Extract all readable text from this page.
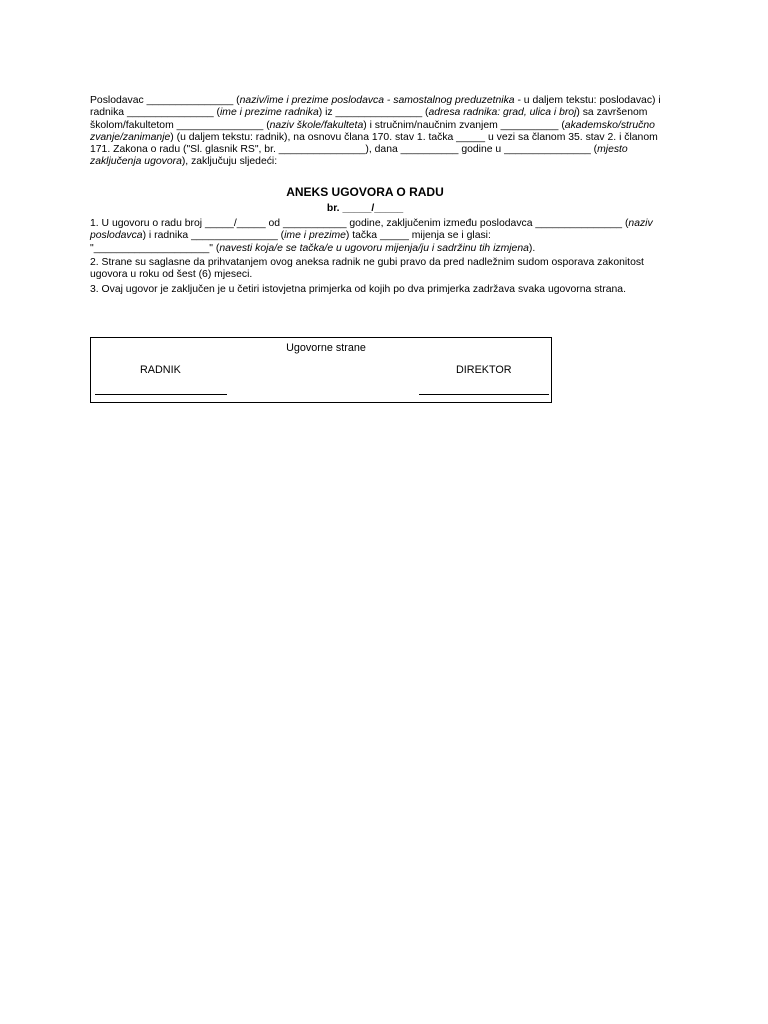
Poslodavac _______________ (naziv/ime i prezime poslodavca - samostalnog preduzetnika - u daljem tekstu: poslodavac) i radnika _______________ (ime i prezime radnika) iz _______________ (adresa radnika: grad, ulica i broj) sa završenom školom/fakultetom _______________ (naziv škole/fakulteta) i stručnim/naučnim zvanjem __________ (akademsko/stručno zvanje/zanimanje) (u daljem tekstu: radnik), na osnovu člana 170. stav 1. tačka _____ u vezi sa članom 35. stav 2. i članom 171. Zakona o radu ("Sl. glasnik RS", br. _______________), dana __________ godine u _______________ (mjesto zaključenja ugovora), zaključuju sljedeći:

ANEKS UGOVORA O RADU
br. _____/_____

1. U ugovoru o radu broj _____/_____ od ___________ godine, zaključenim između poslodavca _______________ (naziv poslodavca) i radnika _______________ (ime i prezime) tačka _____ mijenja se i glasi:
"____________________" (navesti koja/e se tačka/e u ugovoru mijenja/ju i sadržinu tih izmjena).

2. Strane su saglasne da prihvatanjem ovog aneksa radnik ne gubi pravo da pred nadležnim sudom osporava zakonitost ugovora u roku od šest (6) mjeseci.

3. Ovaj ugovor je zaključen je u četiri istovjetna primjerka od kojih po dva primjerka zadržava svaka ugovorna strana.

Ugovorne strane
RADNIK	DIREKTOR
